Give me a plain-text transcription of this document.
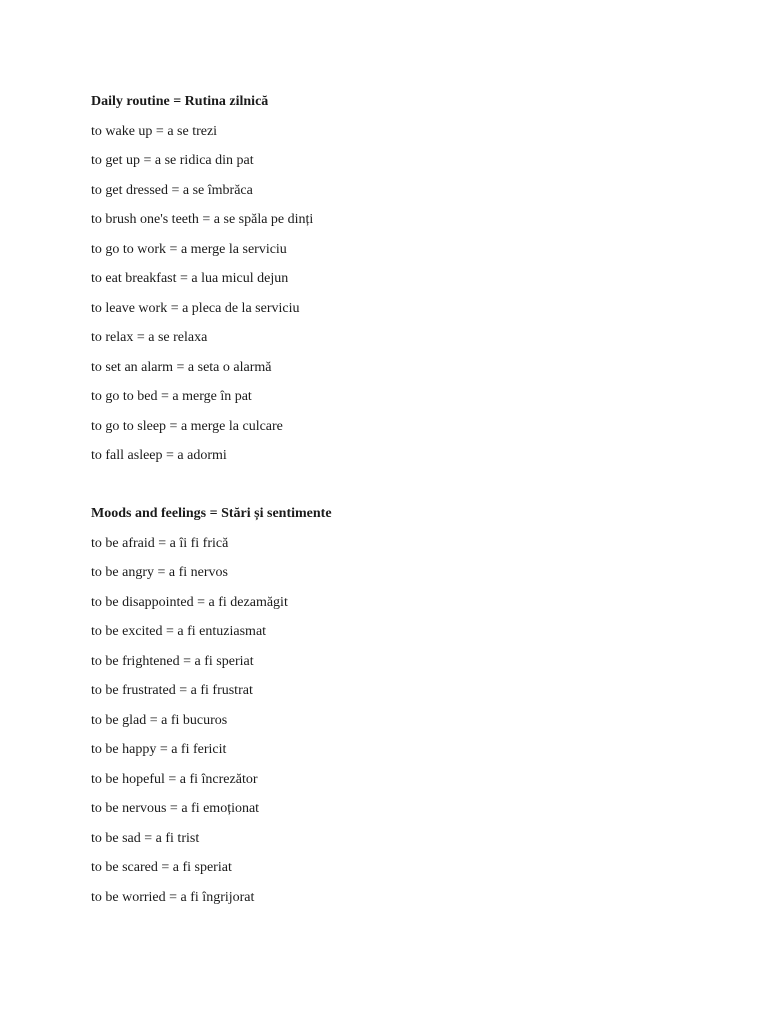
Daily routine = Rutina zilnică
to wake up = a se trezi
to get up = a se ridica din pat
to get dressed = a se îmbrăca
to brush one's teeth = a se spăla pe dinți
to go to work = a merge la serviciu
to eat breakfast = a lua micul dejun
to leave work = a pleca de la serviciu
to relax = a se relaxa
to set an alarm = a seta o alarmă
to go to bed = a merge în pat
to go to sleep = a merge la culcare
to fall asleep = a adormi
Moods and feelings = Stări și sentimente
to be afraid = a îi fi frică
to be angry = a fi nervos
to be disappointed = a fi dezamăgit
to be excited = a fi entuziasmat
to be frightened = a fi speriat
to be frustrated = a fi frustrat
to be glad = a fi bucuros
to be happy = a fi fericit
to be hopeful = a fi încrezător
to be nervous = a fi emoționat
to be sad = a fi trist
to be scared = a fi speriat
to be worried = a fi îngrijorat
